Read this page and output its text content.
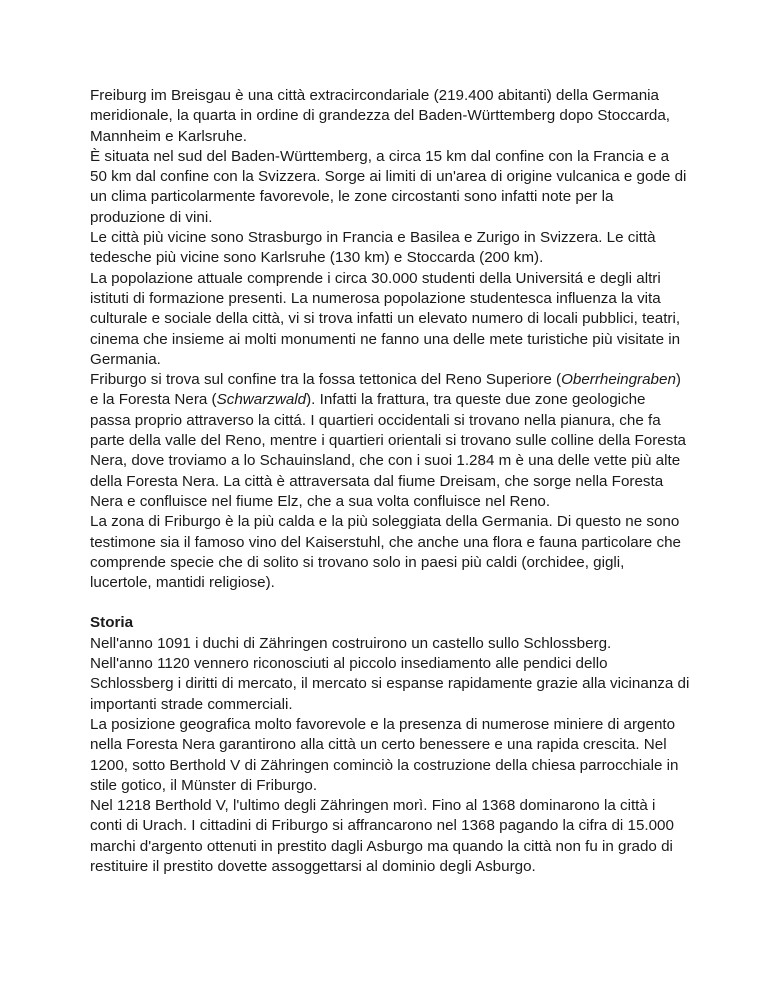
Freiburg im Breisgau è una città extracircondariale (219.400 abitanti) della Germania meridionale, la quarta in ordine di grandezza del Baden-Württemberg dopo Stoccarda, Mannheim e Karlsruhe.

È situata nel sud del Baden-Württemberg, a circa 15 km dal confine con la Francia e a 50 km dal confine con la Svizzera. Sorge ai limiti di un'area di origine vulcanica e gode di un clima particolarmente favorevole, le zone circostanti sono infatti note per la produzione di vini.

Le città più vicine sono Strasburgo in Francia e Basilea e Zurigo in Svizzera. Le città tedesche più vicine sono Karlsruhe (130 km) e Stoccarda (200 km).

La popolazione attuale comprende i circa 30.000 studenti della Universitá e degli altri istituti di formazione presenti. La numerosa popolazione studentesca influenza la vita culturale e sociale della città, vi si trova infatti un elevato numero di locali pubblici, teatri, cinema che insieme ai molti monumenti ne fanno una delle mete turistiche più visitate in Germania.

Friburgo si trova sul confine tra la fossa tettonica del Reno Superiore (Oberrheingraben) e la Foresta Nera (Schwarzwald). Infatti la frattura, tra queste due zone geologiche passa proprio attraverso la cittá. I quartieri occidentali si trovano nella pianura, che fa parte della valle del Reno, mentre i quartieri orientali si trovano sulle colline della Foresta Nera, dove troviamo a lo Schauinsland, che con i suoi 1.284 m è una delle vette più alte della Foresta Nera. La città è attraversata dal fiume Dreisam, che sorge nella Foresta Nera e confluisce nel fiume Elz, che a sua volta confluisce nel Reno.

La zona di Friburgo è la più calda e la più soleggiata della Germania. Di questo ne sono testimone sia il famoso vino del Kaiserstuhl, che anche una flora e fauna particolare che comprende specie che di solito si trovano solo in paesi più caldi (orchidee, gigli, lucertole, mantidi religiose).

Storia

Nell'anno 1091 i duchi di Zähringen costruirono un castello sullo Schlossberg.

Nell'anno 1120 vennero riconosciuti al piccolo insediamento alle pendici dello Schlossberg i diritti di mercato, il mercato si espanse rapidamente grazie alla vicinanza di importanti strade commerciali.

La posizione geografica molto favorevole e la presenza di numerose miniere di argento nella Foresta Nera garantirono alla città un certo benessere e una rapida crescita. Nel 1200, sotto Berthold V di Zähringen cominciò la costruzione della chiesa parrocchiale in stile gotico, il Münster di Friburgo.

Nel 1218 Berthold V, l'ultimo degli Zähringen morì. Fino al 1368 dominarono la città i conti di Urach. I cittadini di Friburgo si affrancarono nel 1368 pagando la cifra di 15.000 marchi d'argento ottenuti in prestito dagli Asburgo ma quando la città non fu in grado di restituire il prestito dovette assoggettarsi al dominio degli Asburgo.
